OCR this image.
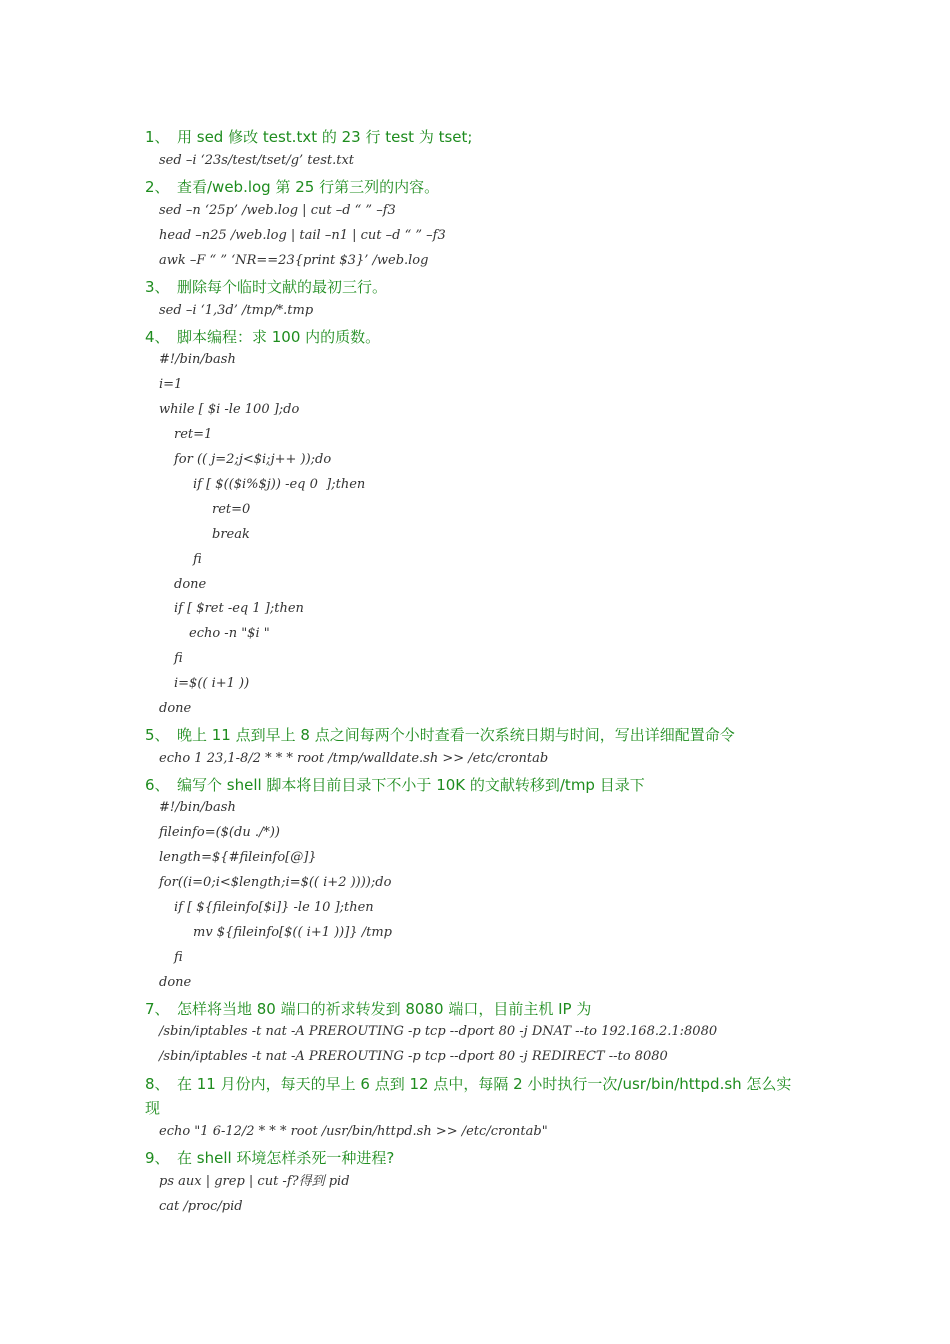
1、

用 sed 修改 test.txt 的 23 行 test 为 tset;

sed –i ‘23s/test/tset/g’ test.txt

2、

查看/web.log 第 25 行第三列的内容。

sed –n ‘25p’ /web.log | cut –d “ ” –f3
head –n25 /web.log | tail –n1 | cut –d “ ” –f3
awk –F “ ” ‘NR==23{print $3}’ /web.log

3、

删除每个临时文献的最初三行。

sed –i ‘1,3d’ /tmp/*.tmp

4、

脚本编程：求 100 内的质数。

#!/bin/bash
i=1
while [ $i -le 100 ];do
ret=1
for (( j=2;j<$i;j++ ));do
if [ $(($i%$j)) -eq 0  ];then
ret=0
break
fi
done
if [ $ret -eq 1 ];then
echo -n "$i "
fi
i=$(( i+1 ))
done

5、

晚上 11 点到早上 8 点之间每两个小时查看一次系统日期与时间，写出详细配置命令

echo 1 23,1-8/2 * * * root /tmp/walldate.sh >> /etc/crontab

6、

编写个 shell 脚本将目前目录下不小于 10K 的文献转移到/tmp 目录下

#!/bin/bash
fileinfo=($(du ./*))
length=${#fileinfo[@]}
for((i=0;i<$length;i=$(( i+2 ))));do
if [ ${fileinfo[$i]} -le 10 ];then
mv ${fileinfo[$(( i+1 ))]} /tmp
fi
done

7、

怎样将当地 80 端口的祈求转发到 8080 端口，目前主机 IP 为

/sbin/iptables -t nat -A PREROUTING -p tcp --dport 80 -j DNAT --to 192.168.2.1:8080
/sbin/iptables -t nat -A PREROUTING -p tcp --dport 80 -j REDIRECT --to 8080

8、

在 11 月份内，每天的早上 6 点到 12 点中，每隔 2 小时执行一次/usr/bin/httpd.sh 怎么实

现

echo "1 6-12/2 * * * root /usr/bin/httpd.sh >> /etc/crontab"

9、

在 shell 环境怎样杀死一种进程?

ps aux | grep | cut -f?得到 pid
cat /proc/pid
